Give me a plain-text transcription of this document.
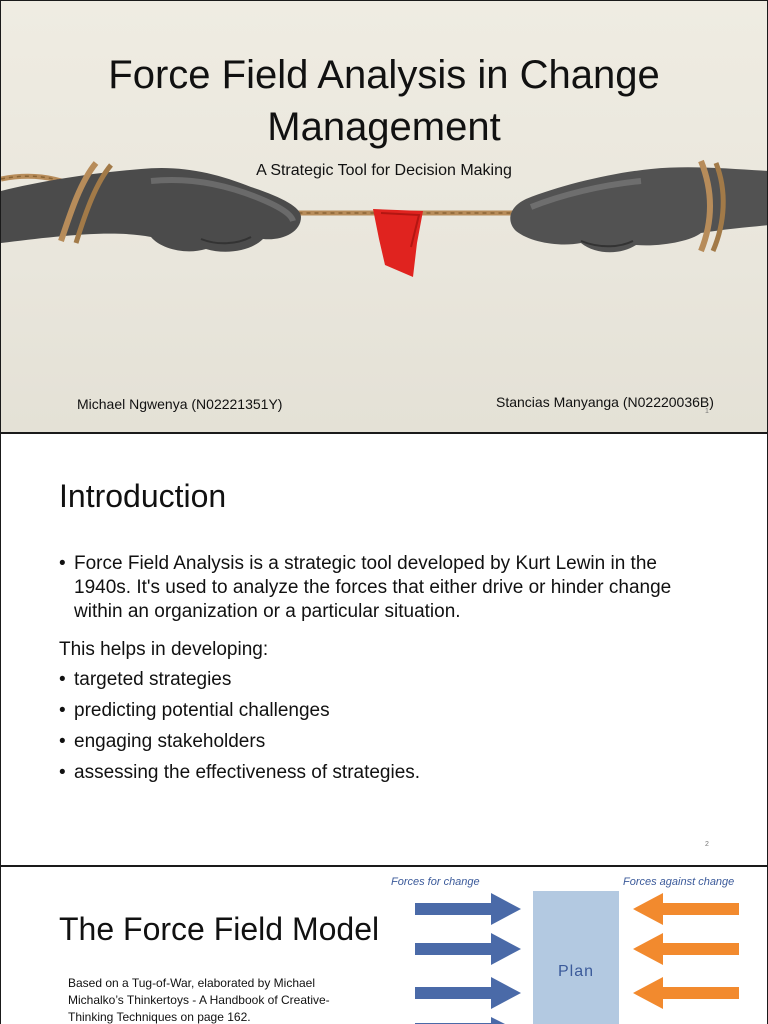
Force Field Analysis in Change Management
A Strategic Tool for Decision Making
Michael Ngwenya (N02221351Y)	Stancias Manyanga (N02220036B)
1
Introduction
• Force Field Analysis is a strategic tool developed by Kurt Lewin in the 1940s. It's used to analyze the forces that either drive or hinder change within an organization or a particular situation.
This helps in developing:
• targeted strategies
• predicting potential challenges
• engaging stakeholders
• assessing the effectiveness of strategies.
2
The Force Field Model
Based on a Tug-of-War, elaborated by Michael Michalko’s Thinkertoys - A Handbook of Creative-Thinking Techniques on page 162.
Forces for change	Forces against change
Plan
